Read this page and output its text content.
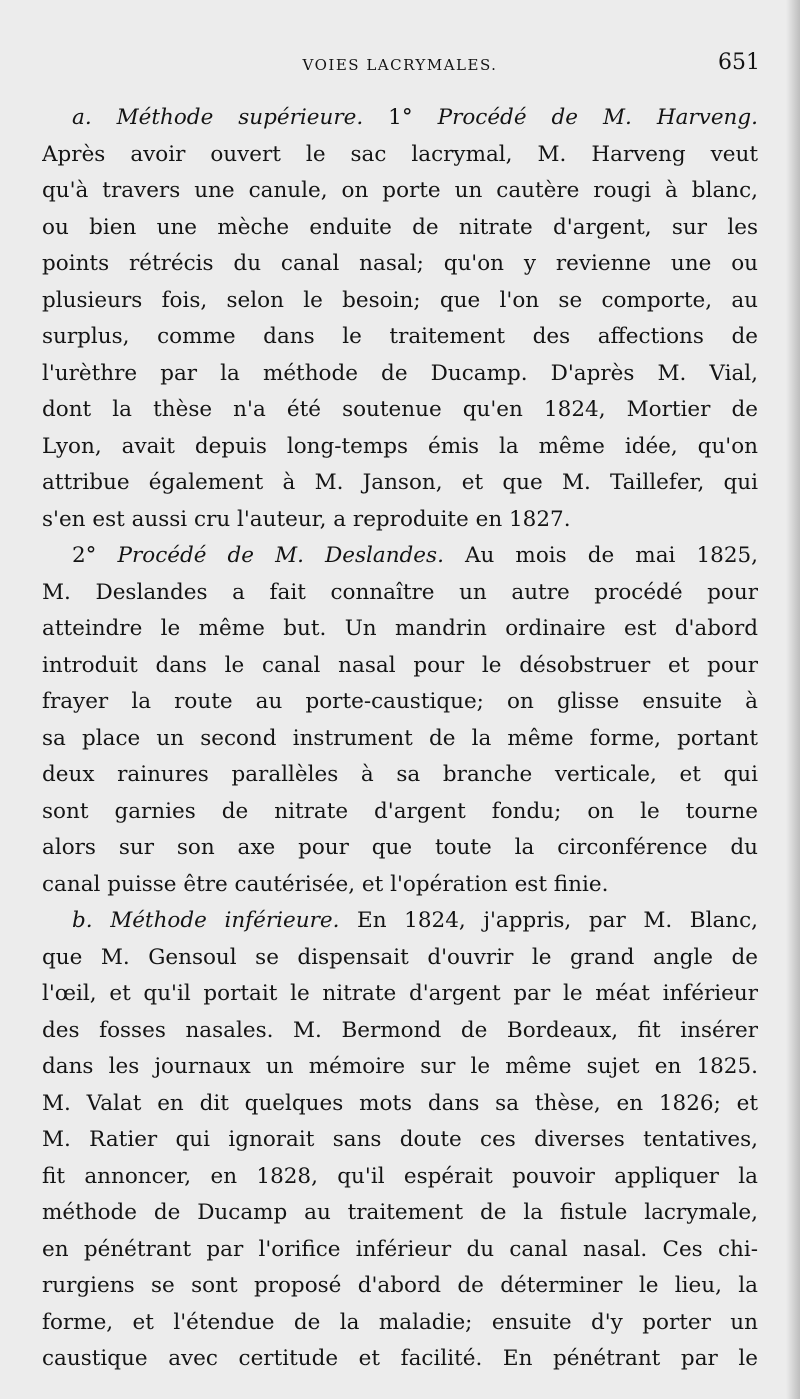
VOIES LACRYMALES.	651
a. Méthode supérieure. 1° Procédé de M. Harveng.
Après avoir ouvert le sac lacrymal, M. Harveng veut
qu'à travers une canule, on porte un cautère rougi à blanc,
ou bien une mèche enduite de nitrate d'argent, sur les
points rétrécis du canal nasal; qu'on y revienne une ou
plusieurs fois, selon le besoin; que l'on se comporte, au
surplus, comme dans le traitement des affections de
l'urèthre par la méthode de Ducamp. D'après M. Vial,
dont la thèse n'a été soutenue qu'en 1824, Mortier de
Lyon, avait depuis long-temps émis la même idée, qu'on
attribue également à M. Janson, et que M. Taillefer, qui
s'en est aussi cru l'auteur, a reproduite en 1827.
2° Procédé de M. Deslandes. Au mois de mai 1825,
M. Deslandes a fait connaître un autre procédé pour
atteindre le même but. Un mandrin ordinaire est d'abord
introduit dans le canal nasal pour le désobstruer et pour
frayer la route au porte-caustique; on glisse ensuite à
sa place un second instrument de la même forme, portant
deux rainures parallèles à sa branche verticale, et qui
sont garnies de nitrate d'argent fondu; on le tourne
alors sur son axe pour que toute la circonférence du
canal puisse être cautérisée, et l'opération est finie.
b. Méthode inférieure. En 1824, j'appris, par M. Blanc,
que M. Gensoul se dispensait d'ouvrir le grand angle de
l'œil, et qu'il portait le nitrate d'argent par le méat inférieur
des fosses nasales. M. Bermond de Bordeaux, fit insérer
dans les journaux un mémoire sur le même sujet en 1825.
M. Valat en dit quelques mots dans sa thèse, en 1826; et
M. Ratier qui ignorait sans doute ces diverses tentatives,
fit annoncer, en 1828, qu'il espérait pouvoir appliquer la
méthode de Ducamp au traitement de la fistule lacrymale,
en pénétrant par l'orifice inférieur du canal nasal. Ces chi-
rurgiens se sont proposé d'abord de déterminer le lieu, la
forme, et l'étendue de la maladie; ensuite d'y porter un
caustique avec certitude et facilité. En pénétrant par le
